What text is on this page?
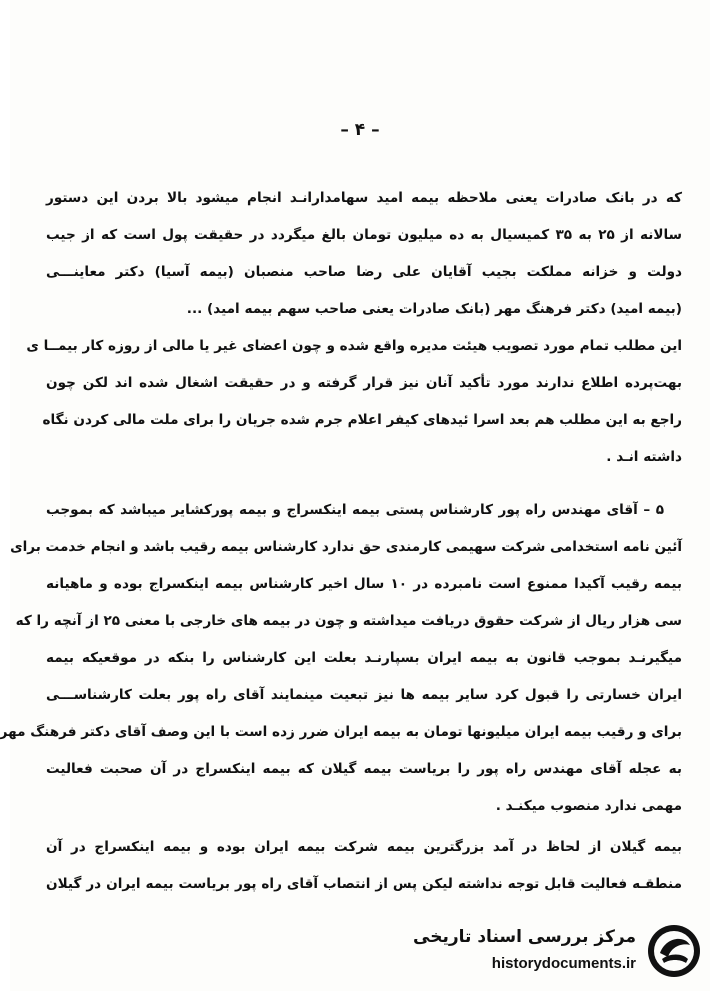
– ۴ –
که در بانک صادرات یعنی ملاحظه بیمه امید سهامدارانـد انجام میشود بالا بردن این دستور
سالانه از ۲۵ به ۳۵ کمیسیال به ده میلیون تومان بالغ میگردد در حقیقت پول است که از جیب
دولت و خزانه مملکت بجیب آقایان علی رضا صاحب منصبان (بیمه آسیا) دکتر معاینـــی
(بیمه امید) دکتر فرهنگ مهر (بانک صادرات یعنی صاحب سهم بیمه امید) ...
این مطلب تمام مورد تصویب هیئت مدیره واقع شده و چون اعضای غیر یا مالی از روزه کار بیمــا ی
بهت‌پرده اطلاع ندارند مورد تأکید آنان نیز قرار گرفته و در حقیقت اشغال شده اند لکن چون
راجع به این مطلب هم بعد اسرا ئیدهای کیفر اعلام جرم شده جریان را برای ملت مالی کردن نگاه
داشته انـد .
۵ – آقای مهندس راه پور کارشناس پستی بیمه اینکسراج و بیمه پورکشایر میباشد که بموجب
آئین نامه استخدامی شرکت سهیمی کارمندی حق ندارد کارشناس بیمه رقیب باشد و انجام خدمت برای
بیمه رقیب آکیدا ممنوع است نامبرده در ۱۰ سال اخیر کارشناس بیمه اینکسراج بوده و ماهیانه
سی هزار ریال از شرکت حقوق دریافت میداشته و چون در بیمه های خارجی با معنی ۲۵ از آنچه را که
میگیرنـد بموجب قانون به بیمه ایران بسپارنـد بعلت این کارشناس را بنکه در موقعیکه بیمه
ایران خسارتی را قبول کرد سایر بیمه ها نیز تبعیت مینمایند آقای راه پور بعلت کارشناســـی
برای و رقیب بیمه ایران میلیونها تومان به بیمه ایران ضرر زده است با این وصف آقای دکتر فرهنگ مهر
به عجله آقای مهندس راه پور را بریاست بیمه گیلان که بیمه اینکسراج در آن صحبت فعالیت
مهمی ندارد منصوب میکنـد .
بیمه گیلان از لحاظ در آمد بزرگترین بیمه شرکت بیمه ایران بوده و بیمه اینکسراج در آن
منطقـه فعالیت قابل توجه نداشته لیکن پس از انتصاب آقای راه پور بریاست بیمه ایران در گیلان
مرکز بررسی اسناد تاریخی
historydocuments.ir
